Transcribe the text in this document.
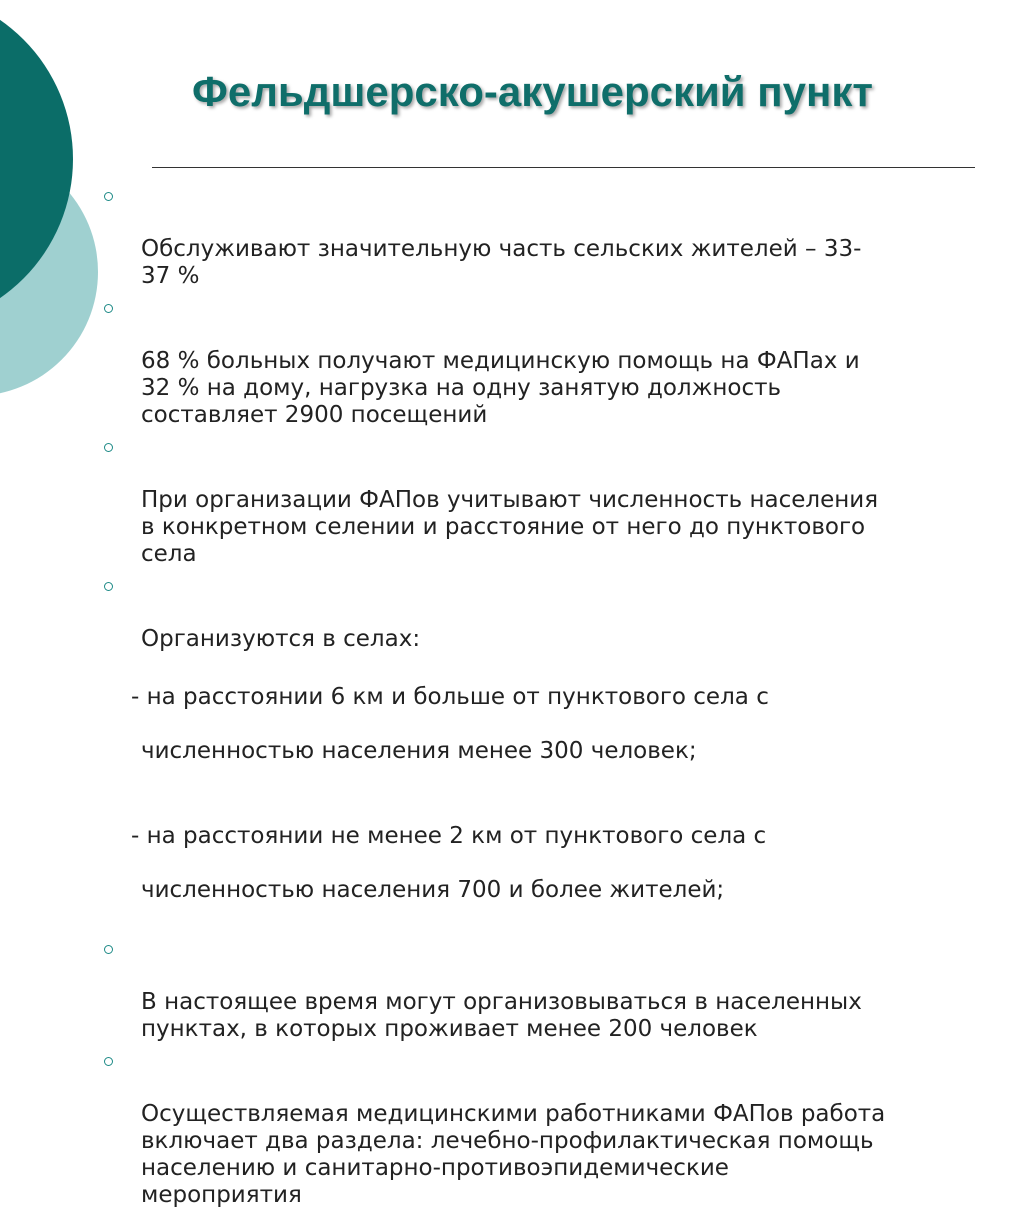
Фельдшерско-акушерский пункт

Обслуживают значительную часть сельских жителей – 33-
37 %

68 % больных получают медицинскую помощь на ФАПах и
32 % на дому, нагрузка на одну занятую должность
составляет 2900 посещений

При организации ФАПов учитывают численность населения
в конкретном селении и расстояние от него до пунктового
села

Организуются в селах:

- на расстоянии 6 км и больше от пунктового села с

численностью населения менее 300 человек;

- на расстоянии не менее 2 км от пунктового села с

численностью населения 700 и более жителей;

В настоящее время могут организовываться в населенных
пунктах, в которых проживает менее 200 человек

Осуществляемая медицинскими работниками ФАПов работа
включает два раздела: лечебно-профилактическая помощь
населению и санитарно-противоэпидемические
мероприятия
